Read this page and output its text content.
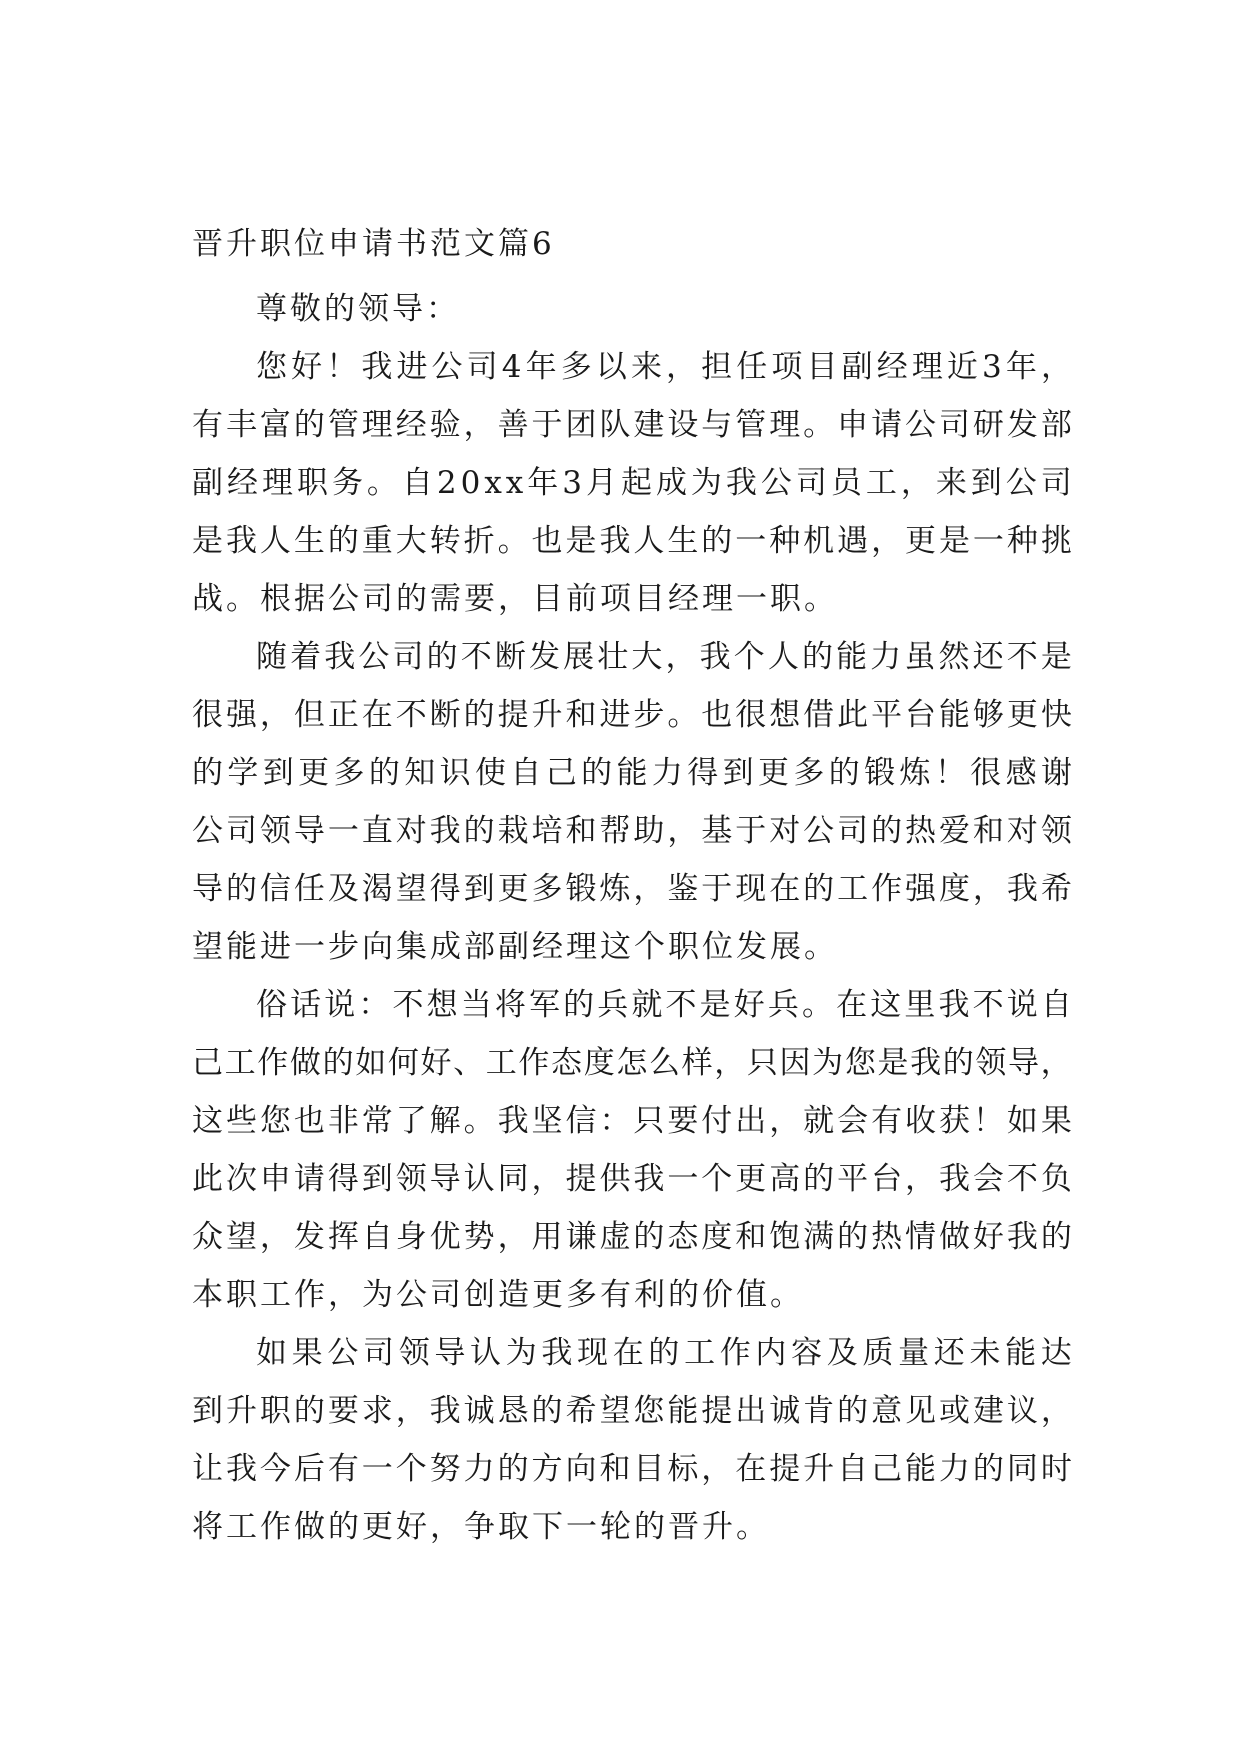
晋升职位申请书范文篇6
尊敬的领导：
您 好 ！ 我 进 公 司 4 年 多 以 来 ， 担 任 项 目 副 经 理 近 3 年 ，
有 丰 富 的 管 理 经 验 ， 善 于 团 队 建 设 与 管 理 。 申 请 公 司 研 发 部
副 经 理 职 务 。 自 2 0 x x 年 3 月 起 成 为 我 公 司 员 工 ， 来 到 公 司
是 我 人 生 的 重 大 转 折 。 也 是 我 人 生 的 一 种 机 遇 ， 更 是 一 种 挑
战。根据公司的需要，目前项目经理一职。
随 着 我 公 司 的 不 断 发 展 壮 大 ， 我 个 人 的 能 力 虽 然 还 不 是
很 强 ， 但 正 在 不 断 的 提 升 和 进 步 。 也 很 想 借 此 平 台 能 够 更 快
的 学 到 更 多 的 知 识 使 自 己 的 能 力 得 到 更 多 的 锻 炼 ！ 很 感 谢
公 司 领 导 一 直 对 我 的 栽 培 和 帮 助 ， 基 于 对 公 司 的 热 爱 和 对 领
导 的 信 任 及 渴 望 得 到 更 多 锻 炼 ， 鉴 于 现 在 的 工 作 强 度 ， 我 希
望能进一步向集成部副经理这个职位发展。
俗 话 说 ： 不 想 当 将 军 的 兵 就 不 是 好 兵 。 在 这 里 我 不 说 自
己 工 作 做 的 如 何 好 、 工 作 态 度 怎 么 样 ， 只 因 为 您 是 我 的 领 导 ，
这 些 您 也 非 常 了 解 。 我 坚 信 ： 只 要 付 出 ， 就 会 有 收 获 ！ 如 果
此 次 申 请 得 到 领 导 认 同 ， 提 供 我 一 个 更 高 的 平 台 ， 我 会 不 负
众 望 ， 发 挥 自 身 优 势 ， 用 谦 虚 的 态 度 和 饱 满 的 热 情 做 好 我 的
本职工作，为公司创造更多有利的价值。
如 果 公 司 领 导 认 为 我 现 在 的 工 作 内 容 及 质 量 还 未 能 达
到 升 职 的 要 求 ， 我 诚 恳 的 希 望 您 能 提 出 诚 肯 的 意 见 或 建 议 ，
让 我 今 后 有 一 个 努 力 的 方 向 和 目 标 ， 在 提 升 自 己 能 力 的 同 时
将工作做的更好，争取下一轮的晋升。
